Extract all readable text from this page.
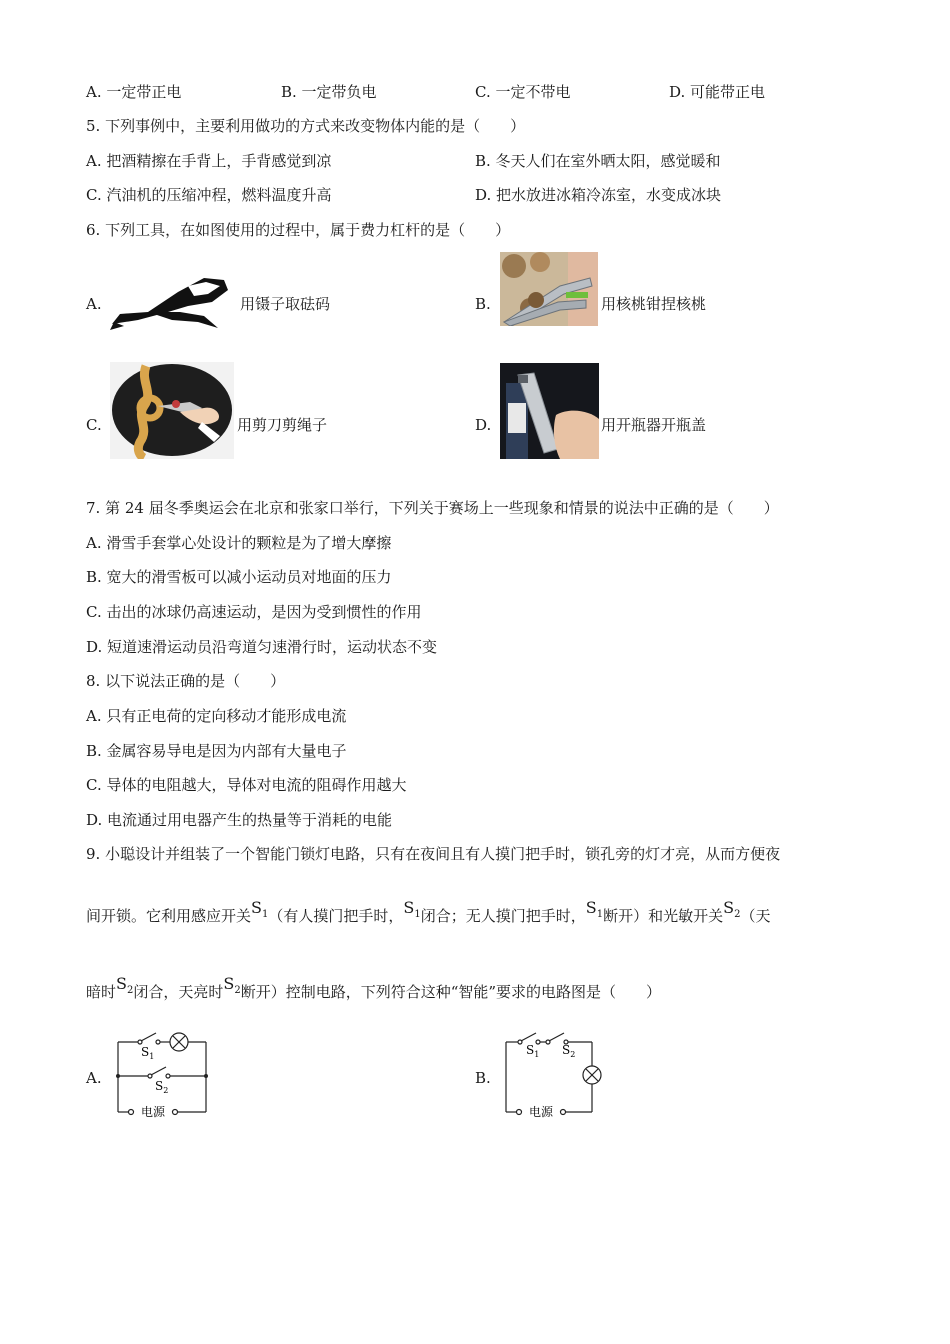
A. 一定带正电	B. 一定带负电	C. 一定不带电	D. 可能带正电
5. 下列事例中，主要利用做功的方式来改变物体内能的是（　　）
A. 把酒精擦在手背上，手背感觉到凉	B. 冬天人们在室外晒太阳，感觉暖和
C. 汽油机的压缩冲程，燃料温度升高	D. 把水放进冰箱冷冻室，水变成冰块
6. 下列工具，在如图使用的过程中，属于费力杠杆的是（　　）
A.	用镊子取砝码	B.	用核桃钳捏核桃
C.	用剪刀剪绳子	D.	用开瓶器开瓶盖
7. 第 24 届冬季奥运会在北京和张家口举行，下列关于赛场上一些现象和情景的说法中正确的是（　　）
A. 滑雪手套掌心处设计的颗粒是为了增大摩擦
B. 宽大的滑雪板可以减小运动员对地面的压力
C. 击出的冰球仍高速运动，是因为受到惯性的作用
D. 短道速滑运动员沿弯道匀速滑行时，运动状态不变
8. 以下说法正确的是（　　）
A. 只有正电荷的定向移动才能形成电流
B. 金属容易导电是因为内部有大量电子
C. 导体的电阻越大，导体对电流的阻碍作用越大
D. 电流通过用电器产生的热量等于消耗的电能
9. 小聪设计并组装了一个智能门锁灯电路，只有在夜间且有人摸门把手时，锁孔旁的灯才亮，从而方便夜
间开锁。它利用感应开关$S_1$（有人摸门把手时，$S_1$闭合；无人摸门把手时，$S_1$断开）和光敏开关$S_2$（天
暗时$S_2$闭合，天亮时$S_2$断开）控制电路，下列符合这种“智能”要求的电路图是（　　）
A.
$S_1$
$S_2$
电源
B.
$S_1$ $S_2$
电源
